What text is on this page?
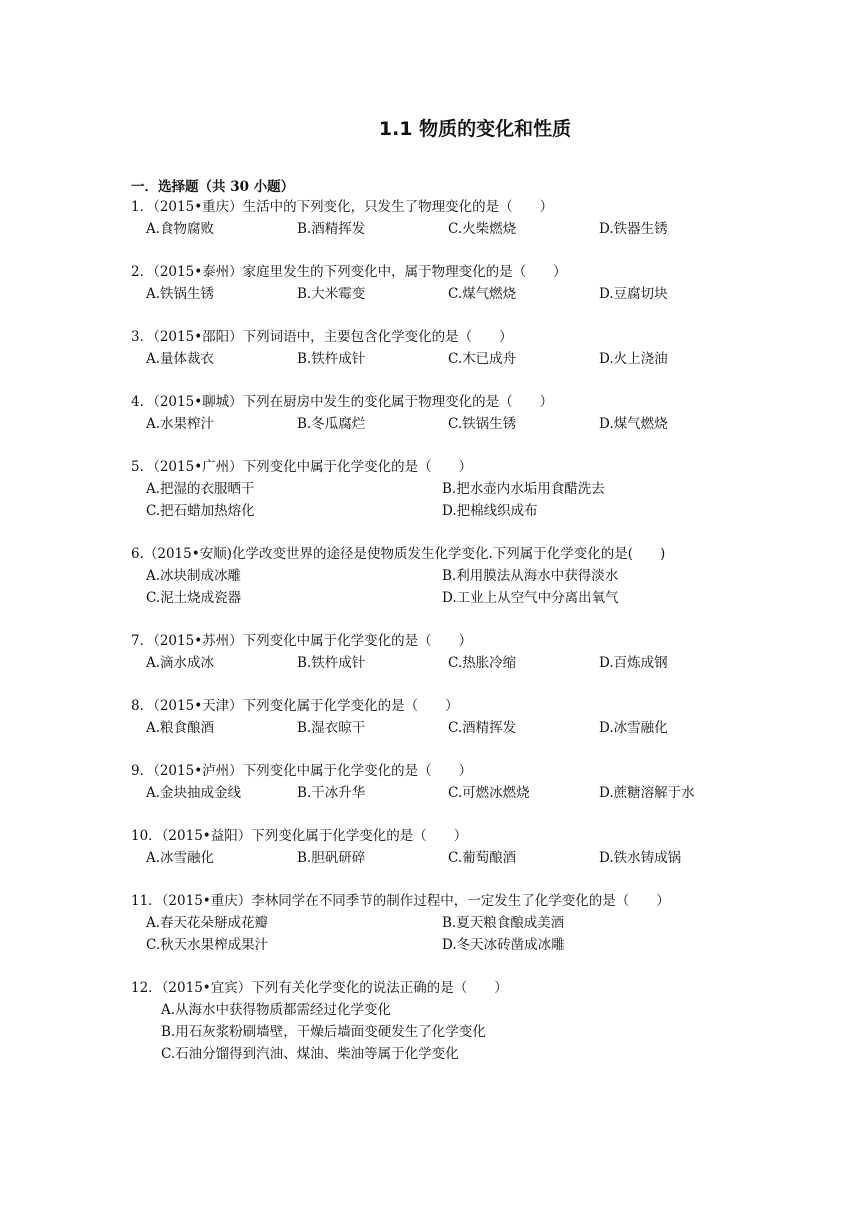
1.1 物质的变化和性质
一．选择题（共 30 小题）
1．（2015•重庆）生活中的下列变化，只发生了物理变化的是（　　）
A.食物腐败	B.酒精挥发	C.火柴燃烧	D.铁器生锈
2．（2015•泰州）家庭里发生的下列变化中，属于物理变化的是（　　）
A.铁锅生锈	B.大米霉变	C.煤气燃烧	D.豆腐切块
3．（2015•邵阳）下列词语中，主要包含化学变化的是（　　）
A.量体裁衣	B.铁杵成针	C.木已成舟	D.火上浇油
4．（2015•聊城）下列在厨房中发生的变化属于物理变化的是（　　）
A.水果榨汁	B.冬瓜腐烂	C.铁锅生锈	D.煤气燃烧
5．（2015•广州）下列变化中属于化学变化的是（　　）
A.把湿的衣服晒干	B.把水壶内水垢用食醋洗去
C.把石蜡加热熔化	D.把棉线织成布
6.（2015•安顺)化学改变世界的途径是使物质发生化学变化.下列属于化学变化的是(　　)
A.冰块制成冰雕	B.利用膜法从海水中获得淡水
C.泥土烧成瓷器	D.工业上从空气中分离出氧气
7．（2015•苏州）下列变化中属于化学变化的是（　　）
A.滴水成冰	B.铁杵成针	C.热胀冷缩	D.百炼成钢
8．（2015•天津）下列变化属于化学变化的是（　　）
A.粮食酿酒	B.湿衣晾干	C.酒精挥发	D.冰雪融化
9．（2015•泸州）下列变化中属于化学变化的是（　　）
A.金块抽成金线	B.干冰升华	C.可燃冰燃烧	D.蔗糖溶解于水
10．（2015•益阳）下列变化属于化学变化的是（　　）
A.冰雪融化	B.胆矾研碎	C.葡萄酿酒	D.铁水铸成锅
11．（2015•重庆）李林同学在不同季节的制作过程中，一定发生了化学变化的是（　　）
A.春天花朵掰成花瓣	B.夏天粮食酿成美酒
C.秋天水果榨成果汁	D.冬天冰砖凿成冰雕
12．（2015•宜宾）下列有关化学变化的说法正确的是（　　）
A.从海水中获得物质都需经过化学变化
B.用石灰浆粉刷墙壁，干燥后墙面变硬发生了化学变化
C.石油分馏得到汽油、煤油、柴油等属于化学变化
